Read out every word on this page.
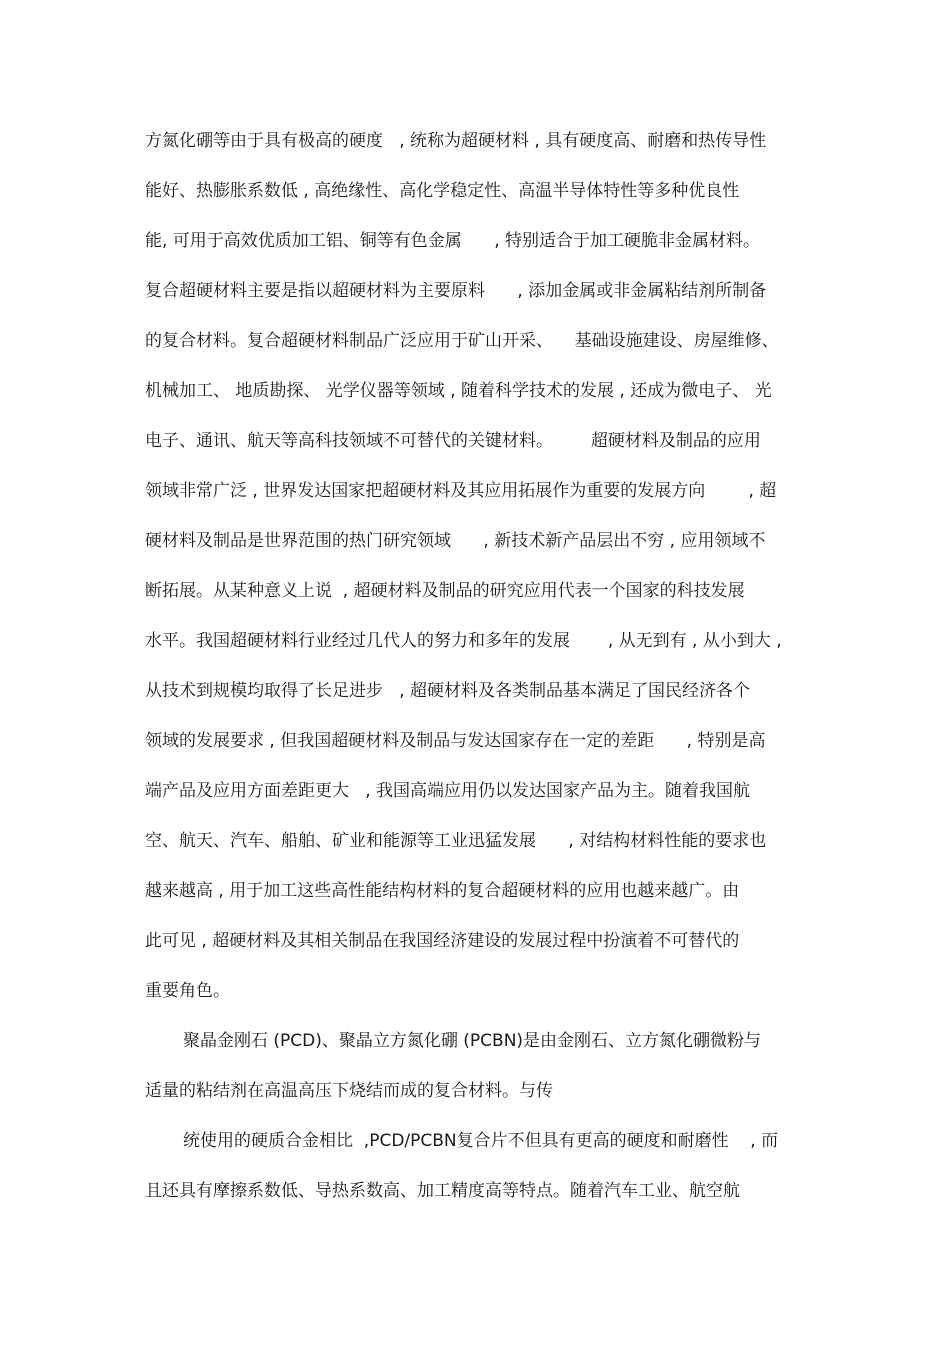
方氮化硼等由于具有极高的硬度   , 统称为超硬材料 , 具有硬度高、耐磨和热传导性
能好、热膨胀系数低 , 高绝缘性、高化学稳定性、高温半导体特性等多种优良性
能, 可用于高效优质加工铝、铜等有色金属      , 特别适合于加工硬脆非金属材料。
复合超硬材料主要是指以超硬材料为主要原料      , 添加金属或非金属粘结剂所制备
的复合材料。复合超硬材料制品广泛应用于矿山开采、    基础设施建设、房屋维修、
机械加工、 地质勘探、 光学仪器等领域 , 随着科学技术的发展 , 还成为微电子、 光
电子、通讯、航天等高科技领域不可替代的关键材料。       超硬材料及制品的应用
领域非常广泛 , 世界发达国家把超硬材料及其应用拓展作为重要的发展方向        , 超
硬材料及制品是世界范围的热门研究领域      , 新技术新产品层出不穷 , 应用领域不
断拓展。从某种意义上说  , 超硬材料及制品的研究应用代表一个国家的科技发展
水平。我国超硬材料行业经过几代人的努力和多年的发展       , 从无到有 , 从小到大 ,
从技术到规模均取得了长足进步   , 超硬材料及各类制品基本满足了国民经济各个
领域的发展要求 , 但我国超硬材料及制品与发达国家存在一定的差距      , 特别是高
端产品及应用方面差距更大   , 我国高端应用仍以发达国家产品为主。随着我国航
空、航天、汽车、船舶、矿业和能源等工业迅猛发展      , 对结构材料性能的要求也
越来越高 , 用于加工这些高性能结构材料的复合超硬材料的应用也越来越广。由
此可见 , 超硬材料及其相关制品在我国经济建设的发展过程中扮演着不可替代的
重要角色。
聚晶金刚石 (PCD)、聚晶立方氮化硼 (PCBN)是由金刚石、立方氮化硼微粉与
适量的粘结剂在高温高压下烧结而成的复合材料。与传
统使用的硬质合金相比  ,PCD/PCBN复合片不但具有更高的硬度和耐磨性    , 而
且还具有摩擦系数低、导热系数高、加工精度高等特点。随着汽车工业、航空航
